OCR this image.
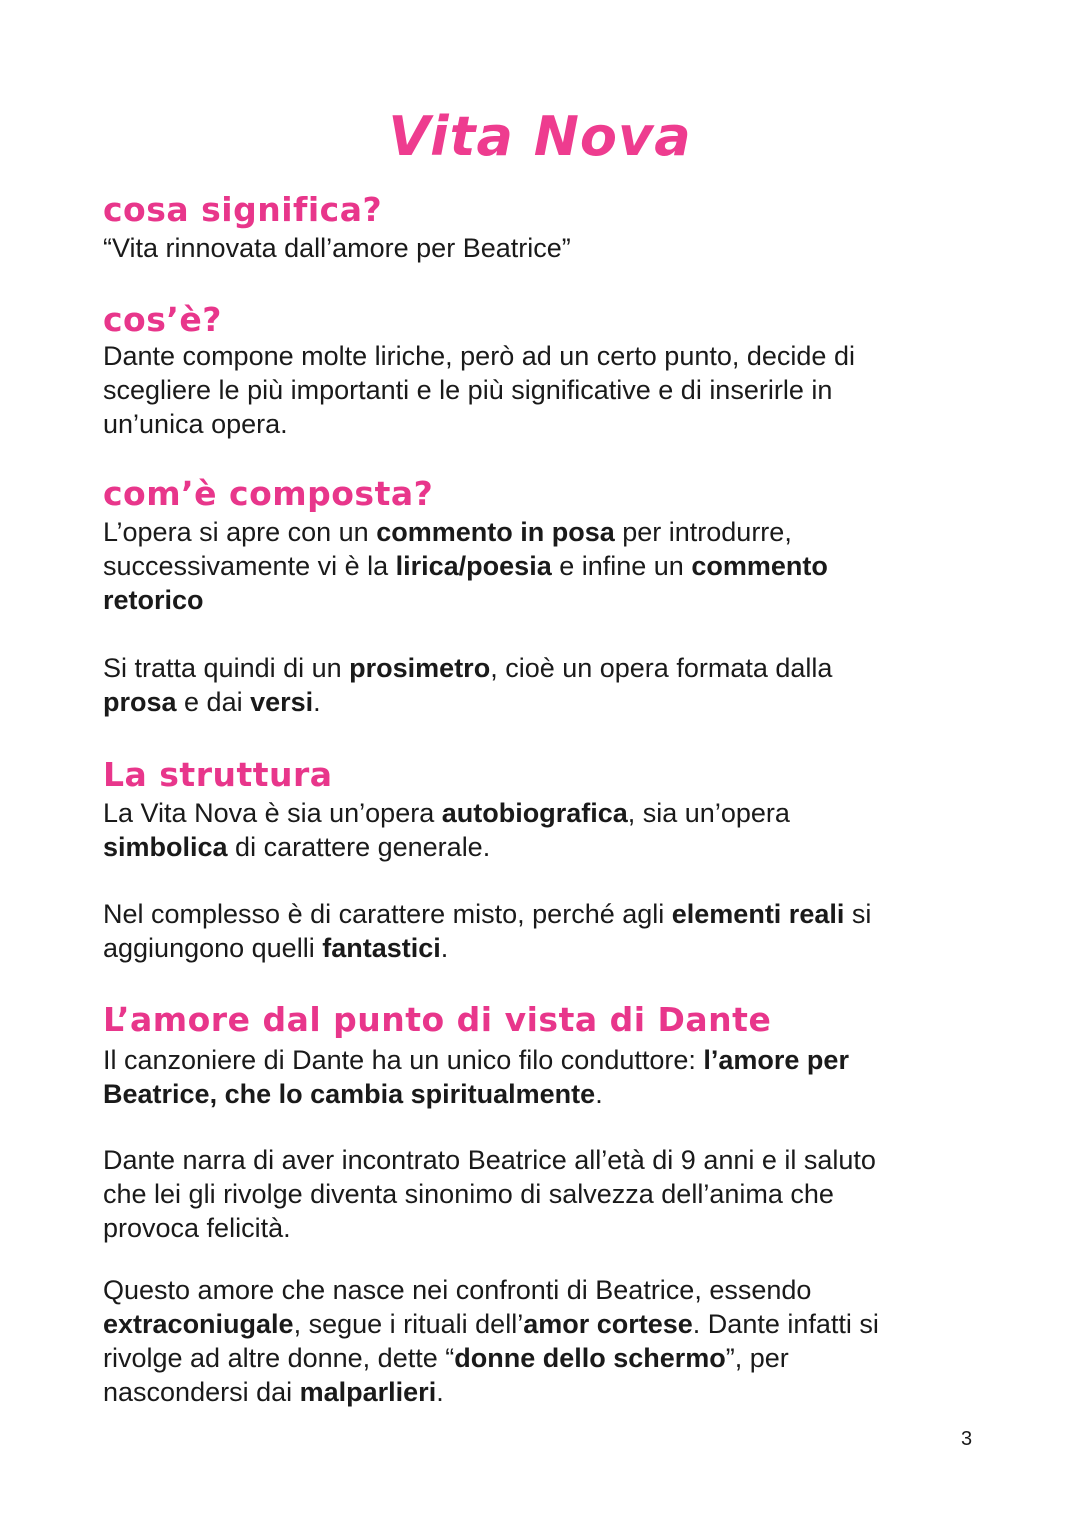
Vita Nova
cosa significa?

“Vita rinnovata dall’amore per Beatrice”

cos’è?

Dante compone molte liriche, però ad un certo punto, decide di
scegliere le più importanti e le più significative e di inserirle in
un’unica opera.

com’è composta?

L’opera si apre con un commento in posa per introdurre,
successivamente vi è la lirica/poesia e infine un commento
retorico

Si tratta quindi di un prosimetro, cioè un opera formata dalla
prosa e dai versi.

La struttura

La Vita Nova è sia un’opera autobiografica, sia un’opera
simbolica di carattere generale.

Nel complesso è di carattere misto, perché agli elementi reali si
aggiungono quelli fantastici.

L’amore dal punto di vista di Dante

Il canzoniere di Dante ha un unico filo conduttore: l’amore per
Beatrice, che lo cambia spiritualmente.

Dante narra di aver incontrato Beatrice all’età di 9 anni e il saluto
che lei gli rivolge diventa sinonimo di salvezza dell’anima che
provoca felicità.

Questo amore che nasce nei confronti di Beatrice, essendo
extraconiugale, segue i rituali dell’amor cortese. Dante infatti si
rivolge ad altre donne, dette “donne dello schermo”, per
nascondersi dai malparlieri.

3
